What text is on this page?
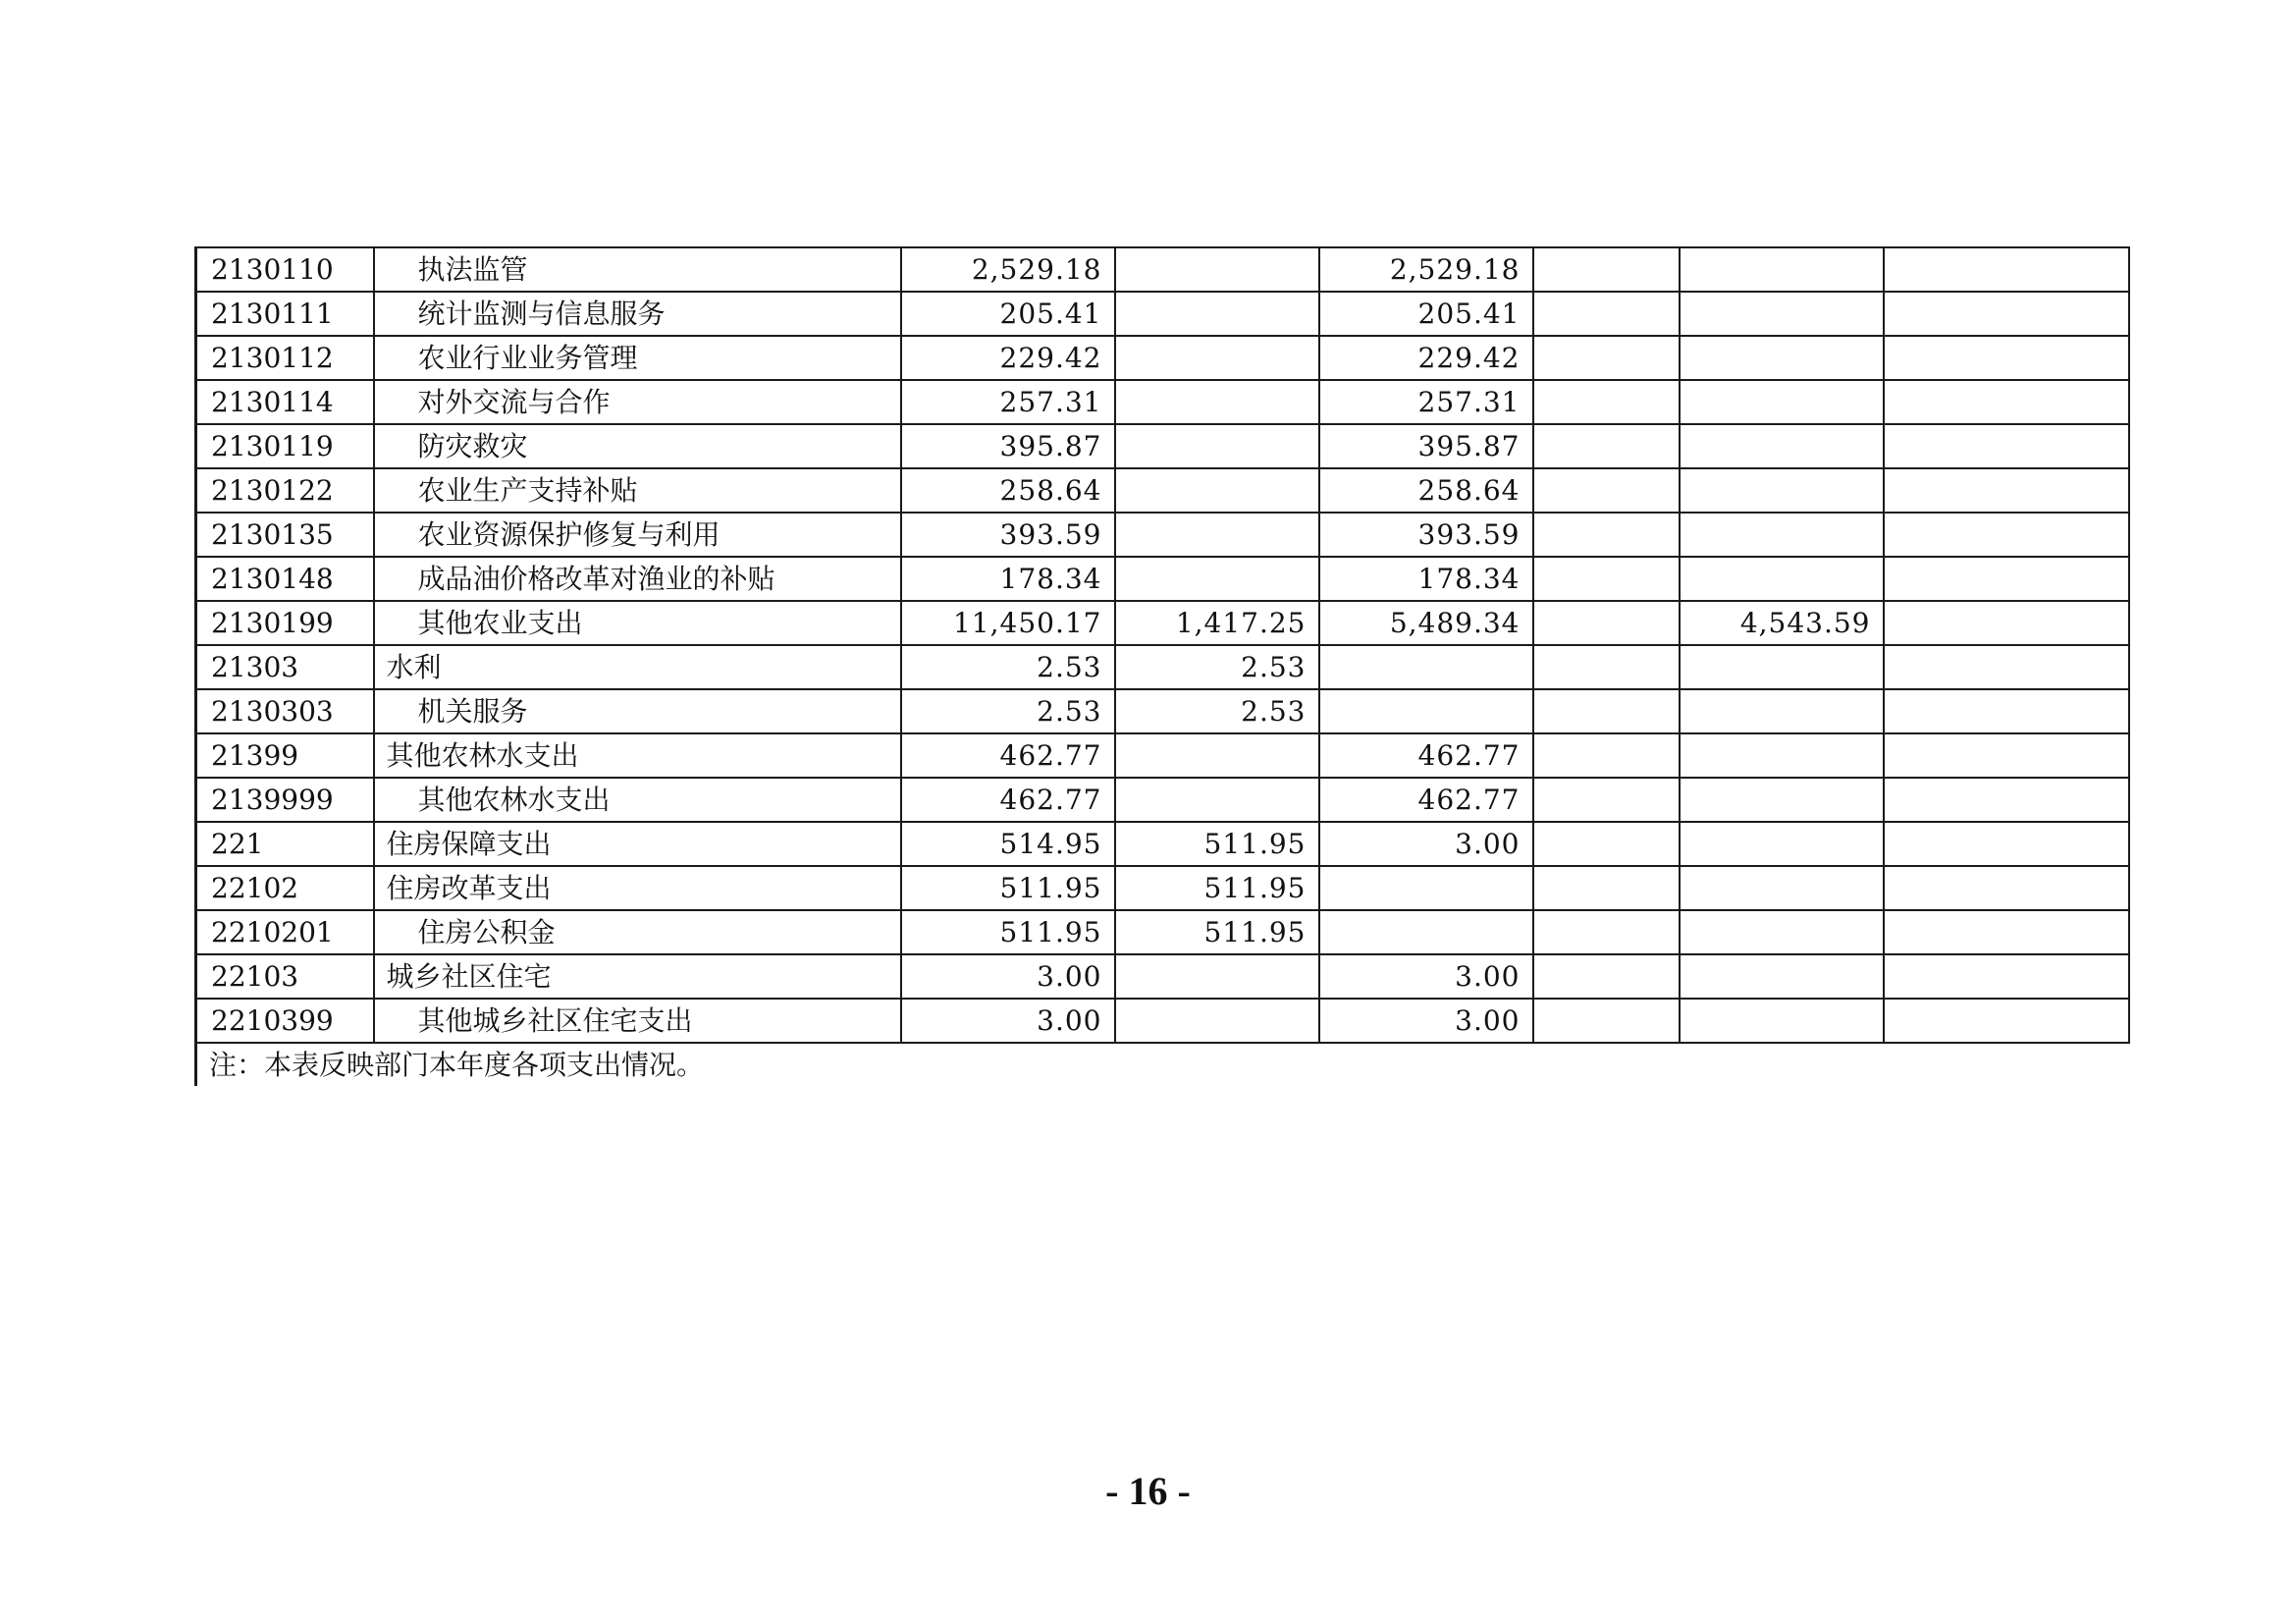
2130110	执法监管	2,529.18		2,529.18			
2130111	统计监测与信息服务	205.41		205.41			
2130112	农业行业业务管理	229.42		229.42			
2130114	对外交流与合作	257.31		257.31			
2130119	防灾救灾	395.87		395.87			
2130122	农业生产支持补贴	258.64		258.64			
2130135	农业资源保护修复与利用	393.59		393.59			
2130148	成品油价格改革对渔业的补贴	178.34		178.34			
2130199	其他农业支出	11,450.17	1,417.25	5,489.34		4,543.59	
21303	水利	2.53	2.53				
2130303	机关服务	2.53	2.53				
21399	其他农林水支出	462.77		462.77			
2139999	其他农林水支出	462.77		462.77			
221	住房保障支出	514.95	511.95	3.00			
22102	住房改革支出	511.95	511.95				
2210201	住房公积金	511.95	511.95				
22103	城乡社区住宅	3.00		3.00			
2210399	其他城乡社区住宅支出	3.00		3.00			
注：本表反映部门本年度各项支出情况。							
- 16 -
